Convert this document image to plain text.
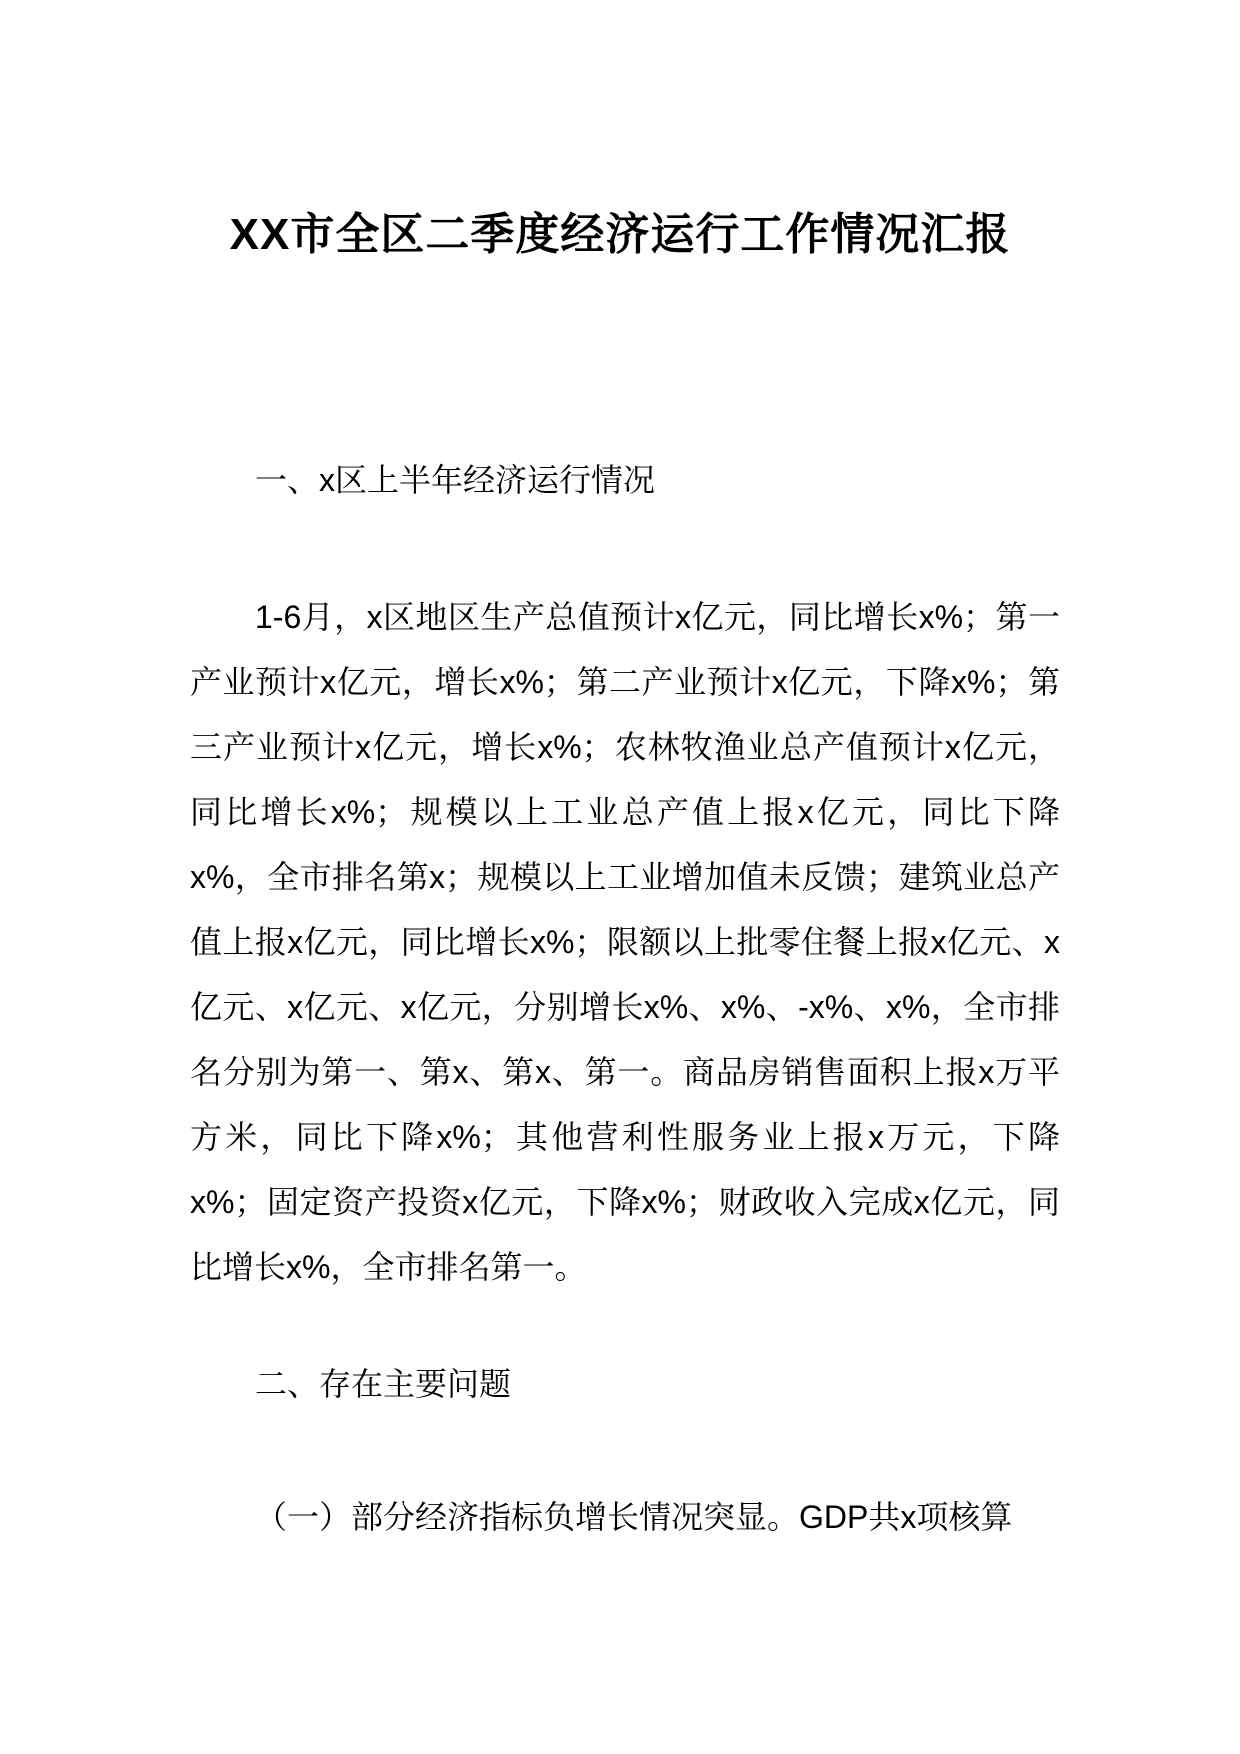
XX市全区二季度经济运行工作情况汇报
一、x区上半年经济运行情况
1-6月，x区地区生产总值预计x亿元，同比增长x%；第一产业预计x亿元，增长x%；第二产业预计x亿元，下降x%；第三产业预计x亿元，增长x%；农林牧渔业总产值预计x亿元，同比增长x%；规模以上工业总产值上报x亿元，同比下降x%，全市排名第x；规模以上工业增加值未反馈；建筑业总产值上报x亿元，同比增长x%；限额以上批零住餐上报x亿元、x亿元、x亿元、x亿元，分别增长x%、x%、-x%、x%，全市排名分别为第一、第x、第x、第一。商品房销售面积上报x万平方米，同比下降x%；其他营利性服务业上报x万元，下降x%；固定资产投资x亿元，下降x%；财政收入完成x亿元，同比增长x%，全市排名第一。
二、存在主要问题
（一）部分经济指标负增长情况突显。GDP共x项核算
